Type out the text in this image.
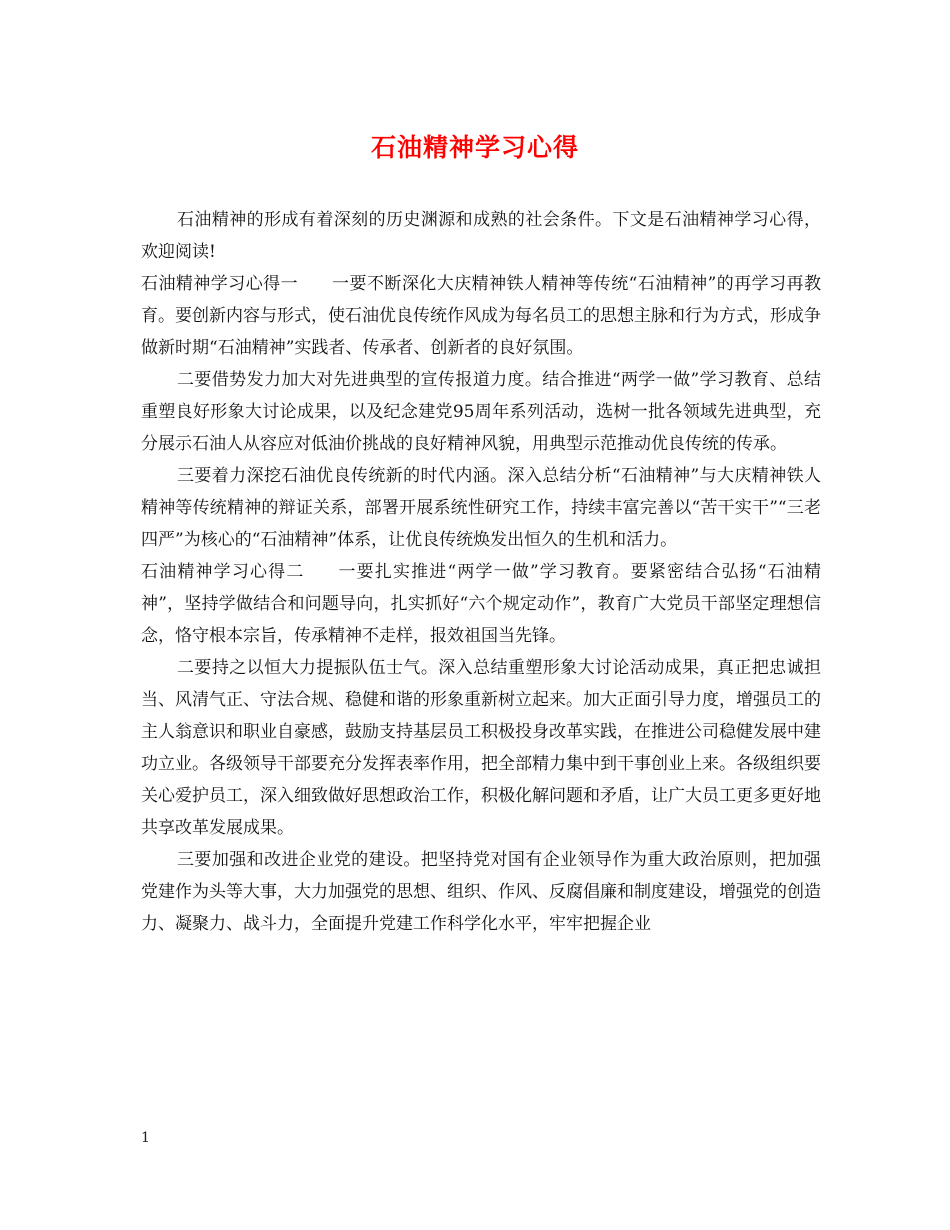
石油精神学习心得

石油精神的形成有着深刻的历史渊源和成熟的社会条件。下文是石油精神学习心得，欢迎阅读!

石油精神学习心得一 一要不断深化大庆精神铁人精神等传统“石油精神”的再学习再教育。要创新内容与形式，使石油优良传统作风成为每名员工的思想主脉和行为方式，形成争做新时期“石油精神”实践者、传承者、创新者的良好氛围。

二要借势发力加大对先进典型的宣传报道力度。结合推进“两学一做”学习教育、总结重塑良好形象大讨论成果，以及纪念建党95周年系列活动，选树一批各领域先进典型，充分展示石油人从容应对低油价挑战的良好精神风貌，用典型示范推动优良传统的传承。

三要着力深挖石油优良传统新的时代内涵。深入总结分析“石油精神”与大庆精神铁人精神等传统精神的辩证关系，部署开展系统性研究工作，持续丰富完善以“苦干实干”“三老四严”为核心的“石油精神”体系，让优良传统焕发出恒久的生机和活力。

石油精神学习心得二 一要扎实推进“两学一做”学习教育。要紧密结合弘扬“石油精神”，坚持学做结合和问题导向，扎实抓好“六个规定动作”，教育广大党员干部坚定理想信念，恪守根本宗旨，传承精神不走样，报效祖国当先锋。

二要持之以恒大力提振队伍士气。深入总结重塑形象大讨论活动成果，真正把忠诚担当、风清气正、守法合规、稳健和谐的形象重新树立起来。加大正面引导力度，增强员工的主人翁意识和职业自豪感，鼓励支持基层员工积极投身改革实践，在推进公司稳健发展中建功立业。各级领导干部要充分发挥表率作用，把全部精力集中到干事创业上来。各级组织要关心爱护员工，深入细致做好思想政治工作，积极化解问题和矛盾，让广大员工更多更好地共享改革发展成果。

三要加强和改进企业党的建设。把坚持党对国有企业领导作为重大政治原则，把加强党建作为头等大事，大力加强党的思想、组织、作风、反腐倡廉和制度建设，增强党的创造力、凝聚力、战斗力，全面提升党建工作科学化水平，牢牢把握企业

1
